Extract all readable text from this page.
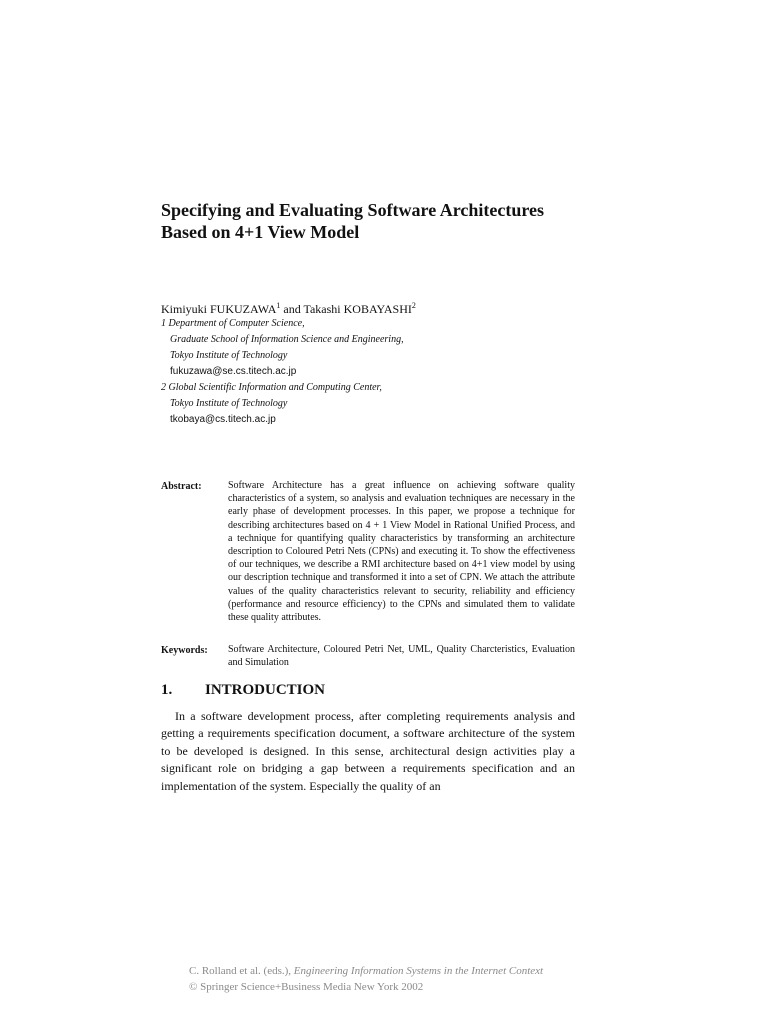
Specifying and Evaluating Software Architectures
Based on 4+1 View Model
Kimiyuki FUKUZAWA$^1$ and Takashi KOBAYASHI$^2$
1 Department of Computer Science,
Graduate School of Information Science and Engineering,
Tokyo Institute of Technology
fukuzawa@se.cs.titech.ac.jp
2 Global Scientific Information and Computing Center,
Tokyo Institute of Technology
tkobaya@cs.titech.ac.jp
Abstract:	Software Architecture has a great influence on achieving software quality characteristics of a system, so analysis and evaluation techniques are necessary in the early phase of development processes. In this paper, we propose a technique for describing architectures based on 4 + 1 View Model in Rational Unified Process, and a technique for quantifying quality characteristics by transforming an architecture description to Coloured Petri Nets (CPNs) and executing it. To show the effectiveness of our techniques, we describe a RMI architecture based on 4+1 view model by using our description technique and transformed it into a set of CPN. We attach the attribute values of the quality characteristics relevant to security, reliability and efficiency (performance and resource efficiency) to the CPNs and simulated them to validate these quality attributes.
Keywords: Software Architecture, Coloured Petri Net, UML, Quality Charcteristics, Evaluation and Simulation
1. INTRODUCTION

In a software development process, after completing requirements analysis and getting a requirements specification document, a software architecture of the system to be developed is designed. In this sense, architectural design activities play a significant role on bridging a gap between a requirements specification and an implementation of the system. Especially the quality of an

C. Rolland et al. (eds.), Engineering Information Systems in the Internet Context
© Springer Science+Business Media New York 2002
